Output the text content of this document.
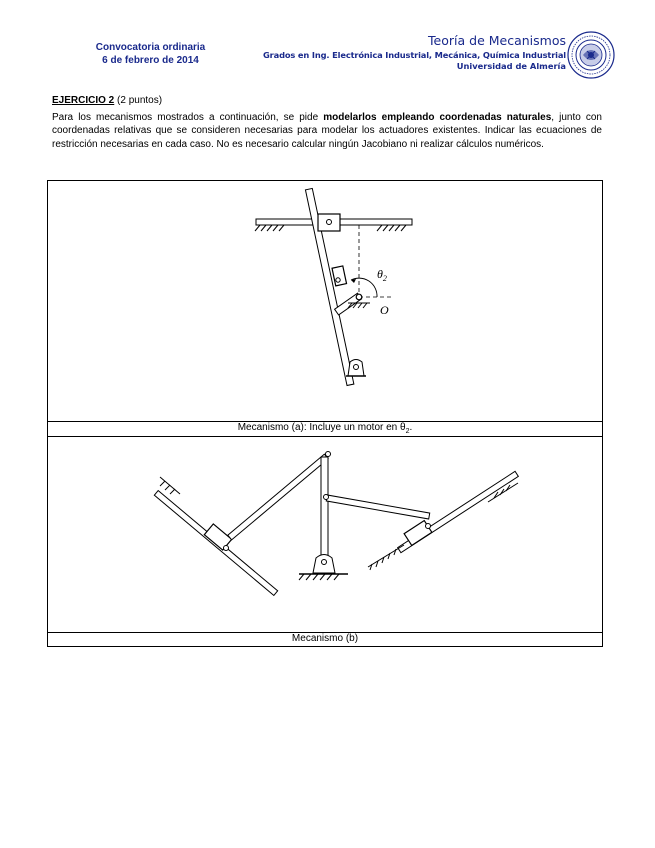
Convocatoria ordinaria
6 de febrero de 2014
Teoría de Mecanismos
Grados en Ing. Electrónica Industrial, Mecánica, Química Industrial
Universidad de Almería
EJERCICIO 2 (2 puntos)
Para los mecanismos mostrados a continuación, se pide modelarlos empleando coordenadas naturales, junto con coordenadas relativas que se consideren necesarias para modelar los actuadores existentes. Indicar las ecuaciones de restricción necesarias en cada caso. No es necesario calcular ningún Jacobiano ni realizar cálculos numéricos.
$\theta_2$
O
Mecanismo (a): Incluye un motor en $\theta_2$.
Mecanismo (b)
